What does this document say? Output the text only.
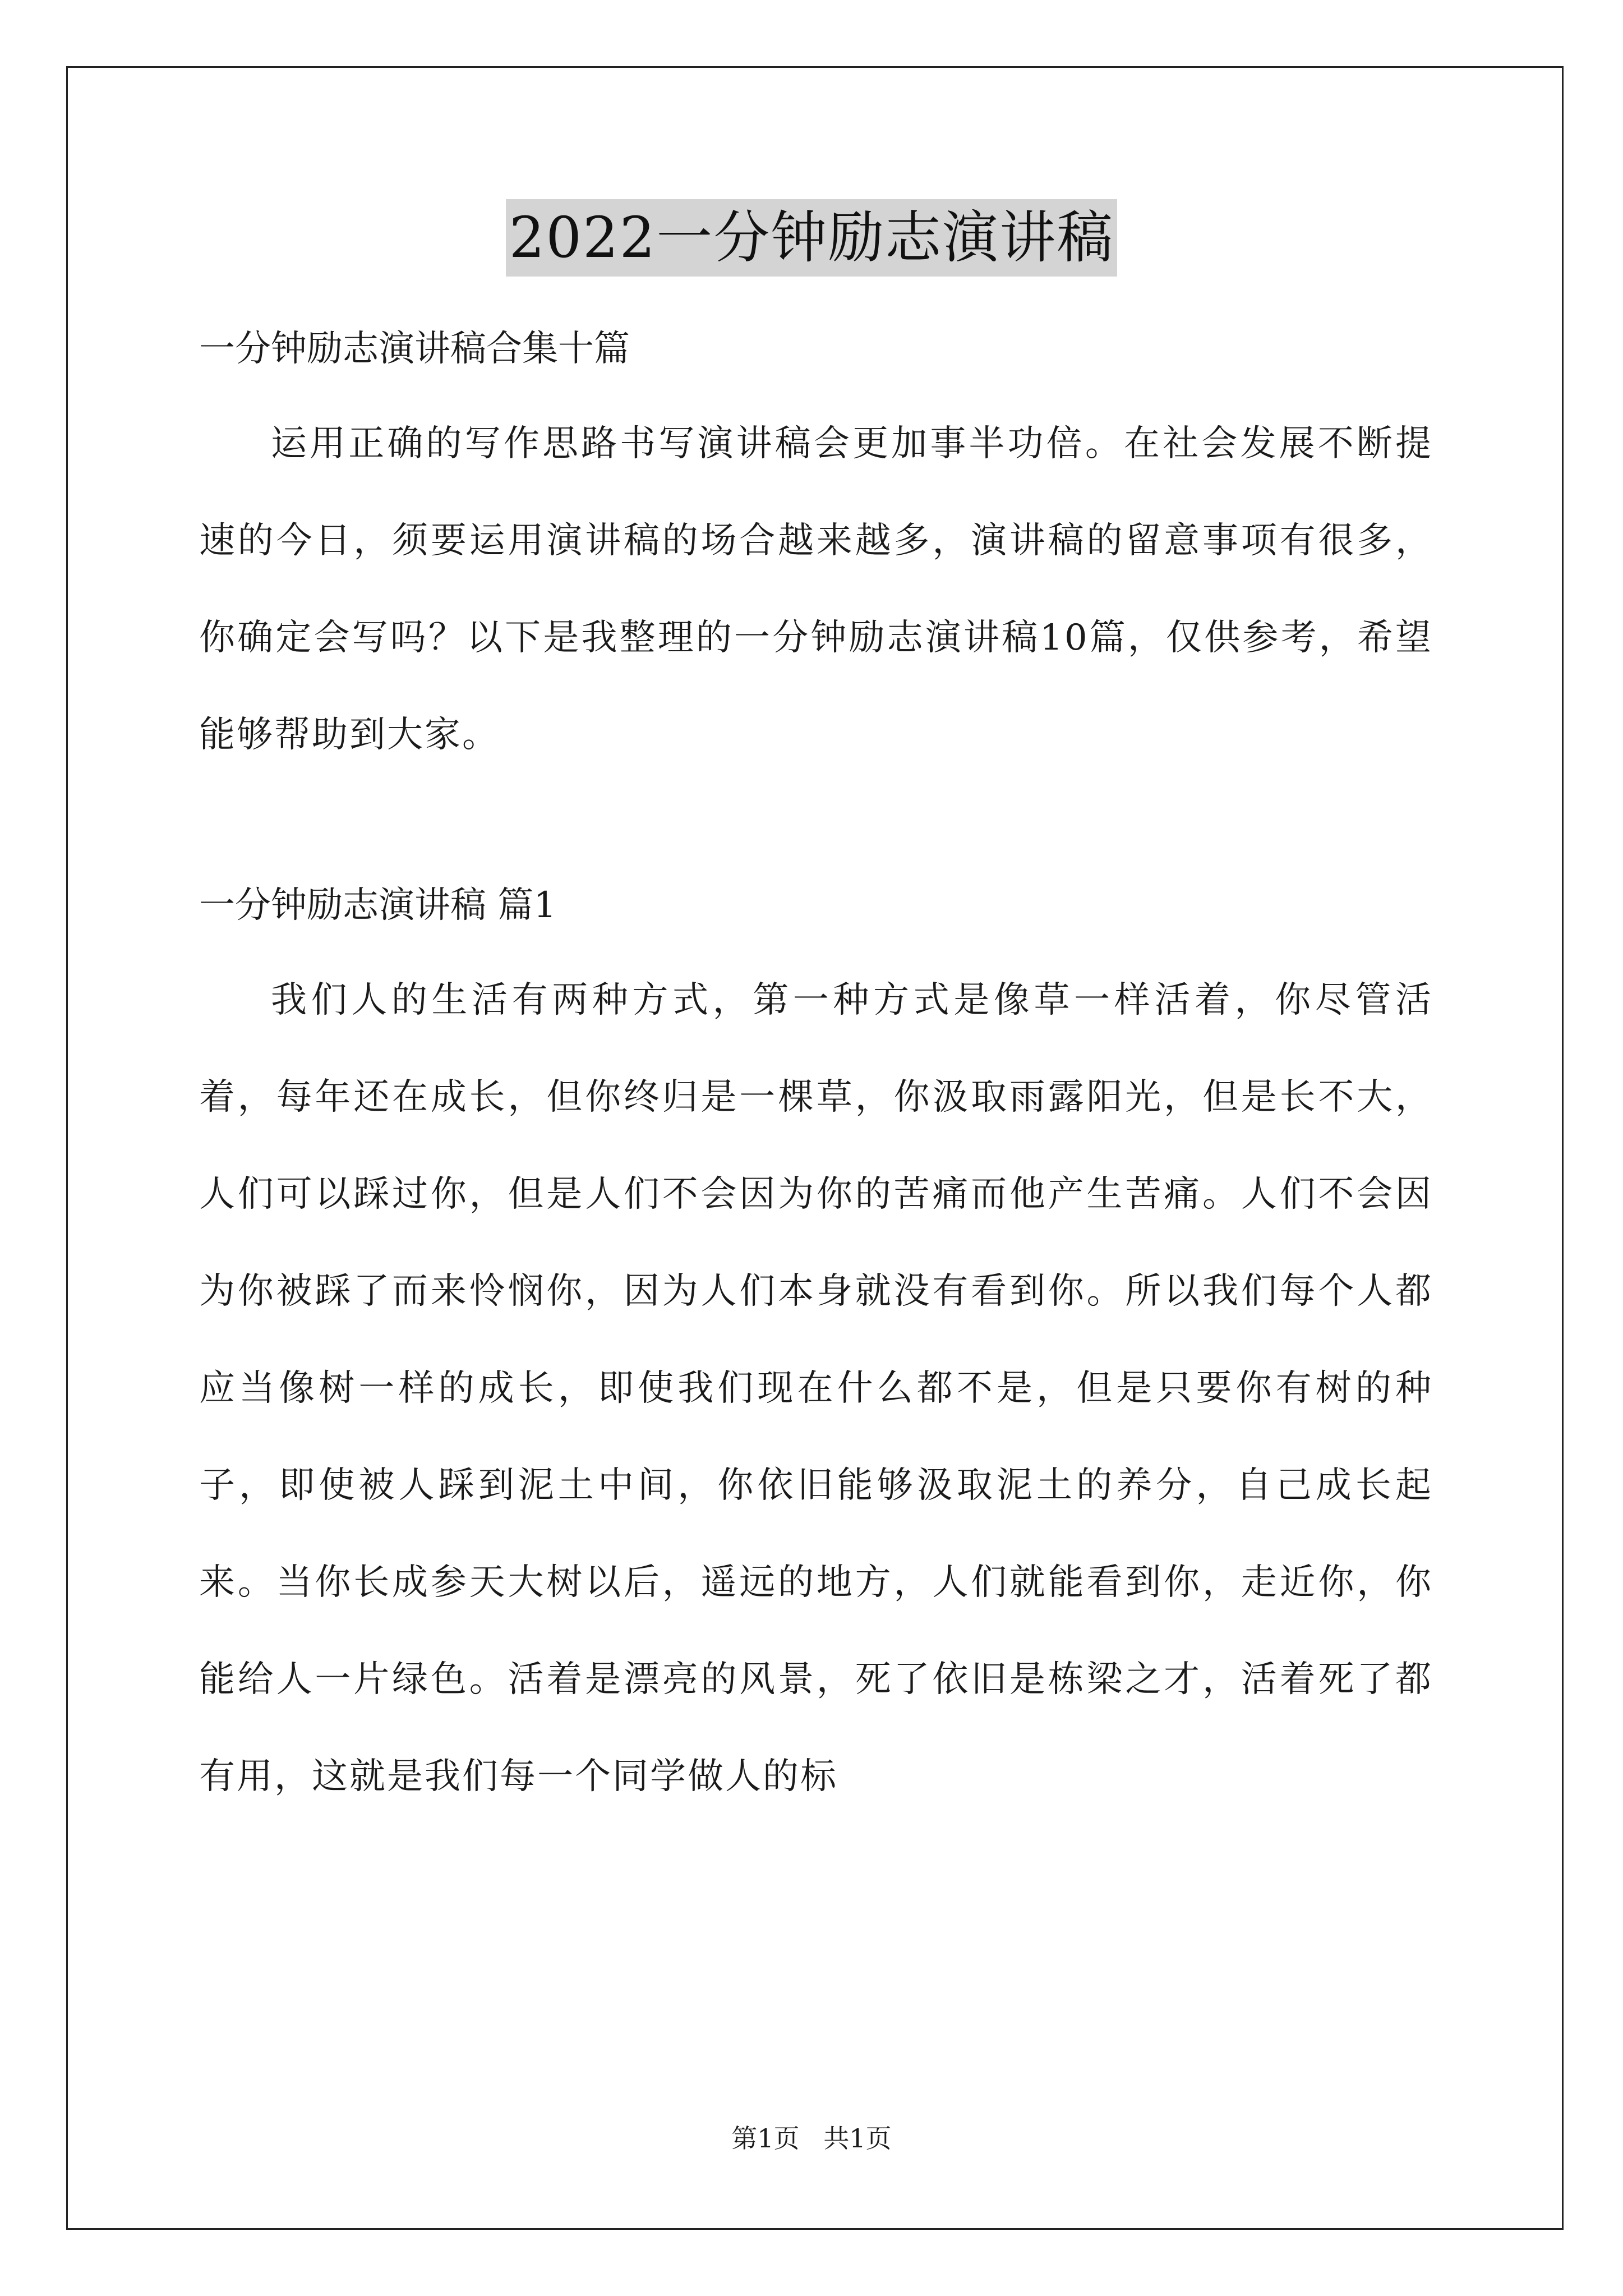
2022一分钟励志演讲稿
一分钟励志演讲稿合集十篇

运用正确的写作思路书写演讲稿会更加事半功倍。在社会发展不断提速的今日，须要运用演讲稿的场合越来越多，演讲稿的留意事项有很多，你确定会写吗？以下是我整理的一分钟励志演讲稿10篇，仅供参考，希望能够帮助到大家。

一分钟励志演讲稿 篇1

我们人的生活有两种方式，第一种方式是像草一样活着，你尽管活着，每年还在成长，但你终归是一棵草，你汲取雨露阳光，但是长不大，人们可以踩过你，但是人们不会因为你的苦痛而他产生苦痛。人们不会因为你被踩了而来怜悯你，因为人们本身就没有看到你。所以我们每个人都应当像树一样的成长，即使我们现在什么都不是，但是只要你有树的种子，即使被人踩到泥土中间，你依旧能够汲取泥土的养分，自己成长起来。当你长成参天大树以后，遥远的地方，人们就能看到你，走近你，你能给人一片绿色。活着是漂亮的风景，死了依旧是栋梁之才，活着死了都有用，这就是我们每一个同学做人的标

第1页 共1页
